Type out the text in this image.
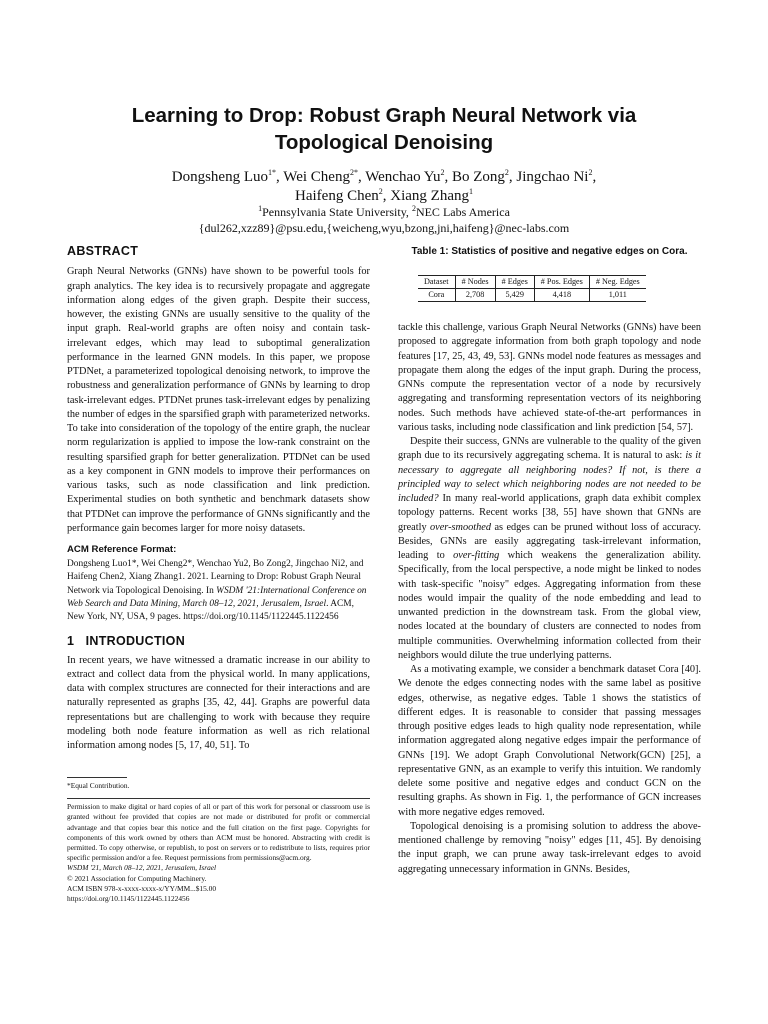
Learning to Drop: Robust Graph Neural Network via
Topological Denoising
Dongsheng Luo$^{1*}$, Wei Cheng$^{2*}$, Wenchao Yu$^2$, Bo Zong$^2$, Jingchao Ni$^2$,
Haifeng Chen$^2$, Xiang Zhang$^1$
$^1$Pennsylvania State University, $^2$NEC Labs America
{dul262,xzz89}@psu.edu,{weicheng,wyu,bzong,jni,haifeng}@nec-labs.com
ABSTRACT

Graph Neural Networks (GNNs) have shown to be powerful tools for graph analytics. The key idea is to recursively propagate and aggregate information along edges of the given graph. Despite their success, however, the existing GNNs are usually sensitive to the quality of the input graph. Real-world graphs are often noisy and contain task-irrelevant edges, which may lead to suboptimal generalization performance in the learned GNN models. In this paper, we propose PTDNet, a parameterized topological denoising network, to improve the robustness and generalization performance of GNNs by learning to drop task-irrelevant edges. PTDNet prunes task-irrelevant edges by penalizing the number of edges in the sparsified graph with parameterized networks. To take into consideration of the topology of the entire graph, the nuclear norm regularization is applied to impose the low-rank constraint on the resulting sparsified graph for better generalization. PTDNet can be used as a key component in GNN models to improve their performances on various tasks, such as node classification and link prediction. Experimental studies on both synthetic and benchmark datasets show that PTDNet can improve the performance of GNNs significantly and the performance gain becomes larger for more noisy datasets.

ACM Reference Format:

Dongsheng Luo1*, Wei Cheng2*, Wenchao Yu2, Bo Zong2, Jingchao Ni2, and Haifeng Chen2, Xiang Zhang1. 2021. Learning to Drop: Robust Graph Neural Network via Topological Denoising. In WSDM '21:International Conference on Web Search and Data Mining, March 08–12, 2021, Jerusalem, Israel. ACM, New York, NY, USA, 9 pages. https://doi.org/10.1145/1122445.1122456

1 INTRODUCTION

In recent years, we have witnessed a dramatic increase in our ability to extract and collect data from the physical world. In many applications, data with complex structures are connected for their interactions and are naturally represented as graphs [35, 42, 44]. Graphs are powerful data representations but are challenging to work with because they require modeling both node feature information as well as rich relational information among nodes [5, 17, 40, 51]. To

*Equal Contribution.

Permission to make digital or hard copies of all or part of this work for personal or classroom use is granted without fee provided that copies are not made or distributed for profit or commercial advantage and that copies bear this notice and the full citation on the first page. Copyrights for components of this work owned by others than ACM must be honored. Abstracting with credit is permitted. To copy otherwise, or republish, to post on servers or to redistribute to lists, requires prior specific permission and/or a fee. Request permissions from permissions@acm.org.

WSDM '21, March 08–12, 2021, Jerusalem, Israel

© 2021 Association for Computing Machinery.

ACM ISBN 978-x-xxxx-xxxx-x/YY/MM...$15.00

https://doi.org/10.1145/1122445.1122456

Table 1: Statistics of positive and negative edges on Cora.
Dataset	# Nodes	# Edges	# Pos. Edges	# Neg. Edges
Cora	2,708	5,429	4,418	1,011

tackle this challenge, various Graph Neural Networks (GNNs) have been proposed to aggregate information from both graph topology and node features [17, 25, 43, 49, 53]. GNNs model node features as messages and propagate them along the edges of the input graph. During the process, GNNs compute the representation vector of a node by recursively aggregating and transforming representation vectors of its neighboring nodes. Such methods have achieved state-of-the-art performances in various tasks, including node classification and link prediction [54, 57].

Despite their success, GNNs are vulnerable to the quality of the given graph due to its recursively aggregating schema. It is natural to ask: is it necessary to aggregate all neighboring nodes? If not, is there a principled way to select which neighboring nodes are not needed to be included? In many real-world applications, graph data exhibit complex topology patterns. Recent works [38, 55] have shown that GNNs are greatly over-smoothed as edges can be pruned without loss of accuracy. Besides, GNNs are easily aggregating task-irrelevant information, leading to over-fitting which weakens the generalization ability. Specifically, from the local perspective, a node might be linked to nodes with task-specific "noisy" edges. Aggregating information from these nodes would impair the quality of the node embedding and lead to unwanted prediction in the downstream task. From the global view, nodes located at the boundary of clusters are connected to nodes from multiple communities. Overwhelming information collected from their neighbors would dilute the true underlying patterns.

As a motivating example, we consider a benchmark dataset Cora [40]. We denote the edges connecting nodes with the same label as positive edges, otherwise, as negative edges. Table 1 shows the statistics of different edges. It is reasonable to consider that passing messages through positive edges leads to high quality node representation, while information aggregated along negative edges impair the performance of GNNs [19]. We adopt Graph Convolutional Network(GCN) [25], a representative GNN, as an example to verify this intuition. We randomly delete some positive and negative edges and conduct GCN on the resulting graphs. As shown in Fig. 1, the performance of GCN increases with more negative edges removed.

Topological denoising is a promising solution to address the above-mentioned challenge by removing "noisy" edges [11, 45]. By denoising the input graph, we can prune away task-irrelevant edges to avoid aggregating unnecessary information in GNNs. Besides,
